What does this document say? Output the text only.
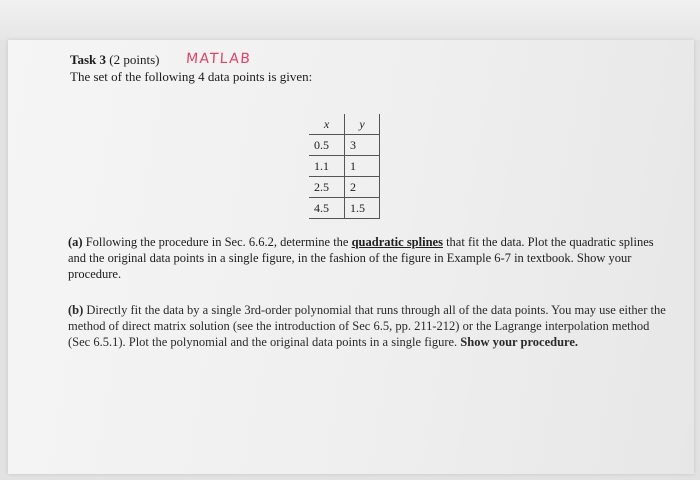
Task 3 (2 points) MATLAB
The set of the following 4 data points is given:
x	y
0.5	3
1.1	1
2.5	2
4.5	1.5

(a) Following the procedure in Sec. 6.6.2, determine the quadratic splines that fit the data. Plot the quadratic splines and the original data points in a single figure, in the fashion of the figure in Example 6-7 in textbook. Show your procedure.

(b) Directly fit the data by a single 3rd-order polynomial that runs through all of the data points. You may use either the method of direct matrix solution (see the introduction of Sec 6.5, pp. 211-212) or the Lagrange interpolation method (Sec 6.5.1). Plot the polynomial and the original data points in a single figure. Show your procedure.
